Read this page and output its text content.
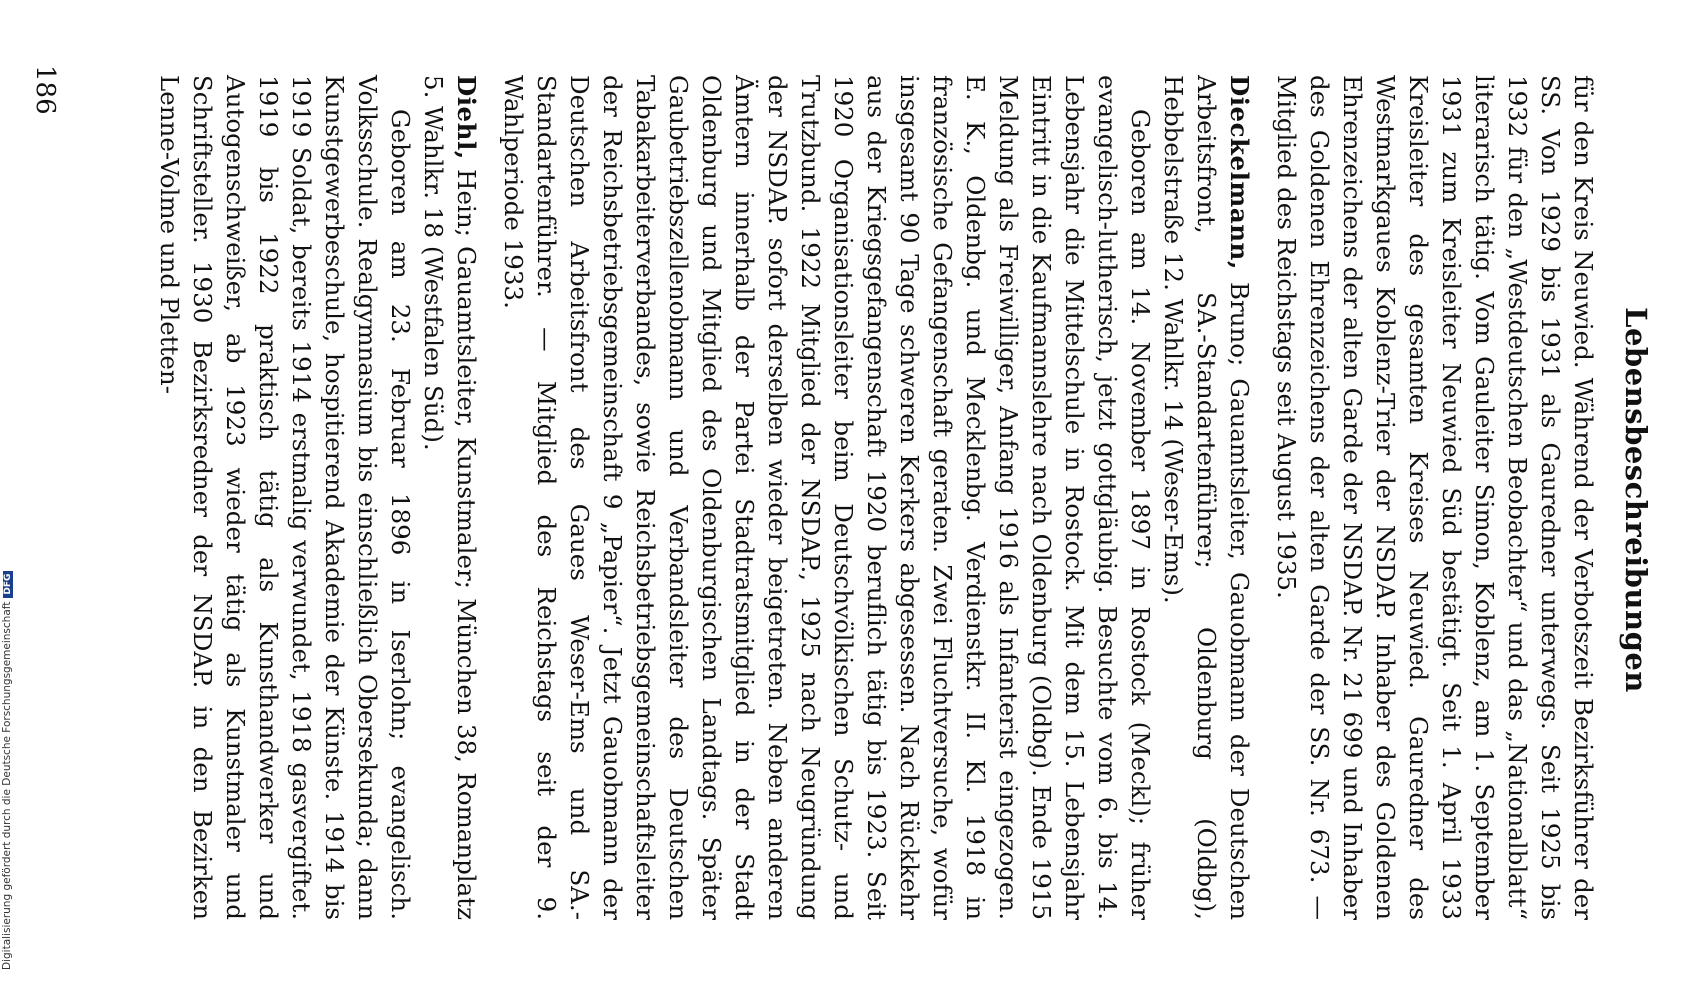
Lebensbeschreibungen

für den Kreis Neuwied. Während der Verbotszeit Bezirksführer der SS. Von 1929 bis 1931 als Gauredner unterwegs. Seit 1925 bis 1932 für den „Westdeutschen Beobachter“ und das „Nationalblatt“ literarisch tätig. Vom Gauleiter Simon, Koblenz, am 1. September 1931 zum Kreisleiter Neuwied Süd bestätigt. Seit 1. April 1933 Kreisleiter des gesamten Kreises Neuwied. Gauredner des Westmarkgaues Koblenz-Trier der NSDAP. Inhaber des Goldenen Ehrenzeichens der alten Garde der NSDAP. Nr. 21 699 und Inhaber des Goldenen Ehrenzeichens der alten Garde der SS. Nr. 673. — Mitglied des Reichstags seit August 1935.

Dieckelmann, Bruno; Gauamtsleiter, Gauobmann der Deutschen Arbeitsfront, SA.-Standartenführer; Oldenburg (Oldbg), Hebbelstraße 12. Wahlkr. 14 (Weser-Ems).

Geboren am 14. November 1897 in Rostock (Meckl); früher evangelisch-lutherisch, jetzt gottgläubig. Besuchte vom 6. bis 14. Lebensjahr die Mittelschule in Rostock. Mit dem 15. Lebensjahr Eintritt in die Kaufmannslehre nach Oldenburg (Oldbg). Ende 1915 Meldung als Freiwilliger, Anfang 1916 als Infanterist eingezogen. E. K., Oldenbg. und Mecklenbg. Verdienstkr. II. Kl. 1918 in französische Gefangenschaft geraten. Zwei Fluchtversuche, wofür insgesamt 90 Tage schweren Kerkers abgesessen. Nach Rückkehr aus der Kriegsgefangenschaft 1920 beruflich tätig bis 1923. Seit 1920 Organisationsleiter beim Deutschvölkischen Schutz- und Trutzbund. 1922 Mitglied der NSDAP., 1925 nach Neugründung der NSDAP. sofort derselben wieder beigetreten. Neben anderen Ämtern innerhalb der Partei Stadtratsmitglied in der Stadt Oldenburg und Mitglied des Oldenburgischen Landtags. Später Gaubetriebszellenobmann und Verbandsleiter des Deutschen Tabakarbeiterverbandes, sowie Reichsbetriebsgemeinschaftsleiter der Reichsbetriebsgemeinschaft 9 „Papier“. Jetzt Gauobmann der Deutschen Arbeitsfront des Gaues Weser-Ems und SA.-Standartenführer. — Mitglied des Reichstags seit der 9. Wahlperiode 1933.

Diehl, Hein; Gauamtsleiter, Kunstmaler; München 38, Romanplatz 5. Wahlkr. 18 (Westfalen Süd).

Geboren am 23. Februar 1896 in Iserlohn; evangelisch. Volksschule. Realgymnasium bis einschließlich Obersekunda; dann Kunstgewerbeschule, hospitierend Akademie der Künste. 1914 bis 1919 Soldat, bereits 1914 erstmalig verwundet, 1918 gasvergiftet. 1919 bis 1922 praktisch tätig als Kunsthandwerker und Autogenschweißer, ab 1923 wieder tätig als Kunstmaler und Schriftsteller. 1930 Bezirksredner der NSDAP. in den Bezirken Lenne-Volme und Pletten-

186
Digitalisierung gefördert durch die Deutsche ForschungsgemeinschaftDFG
